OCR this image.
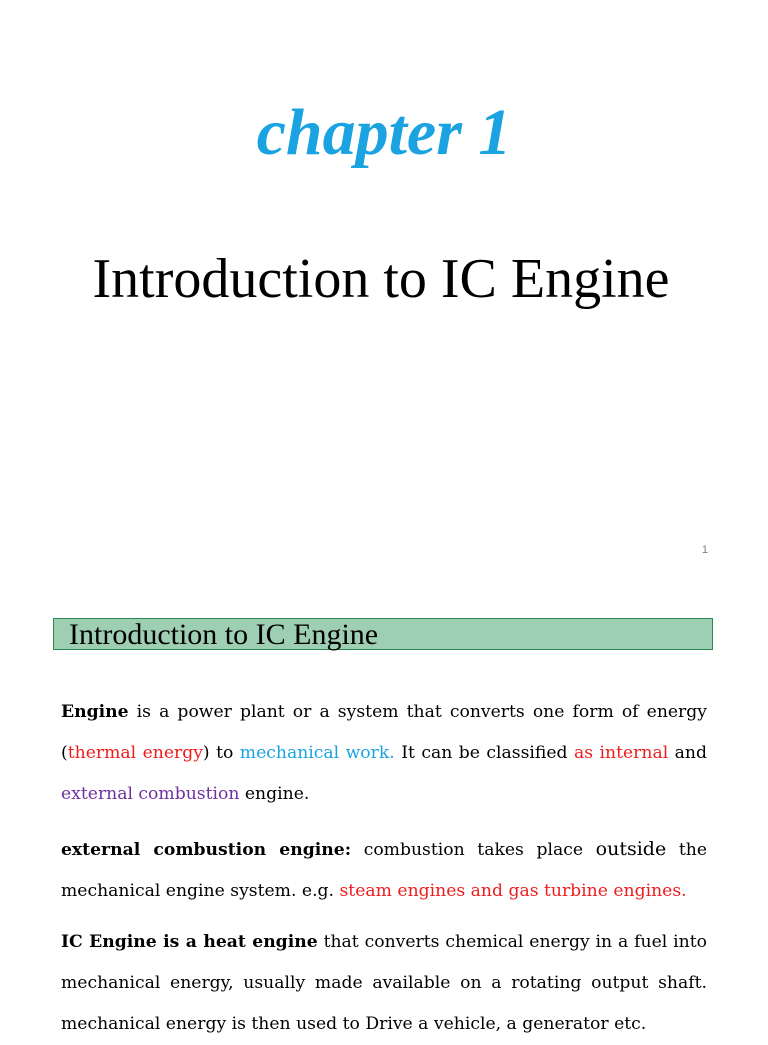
chapter 1
Introduction to IC Engine
1
Introduction to IC Engine
Engine is a power plant or a system that converts one form of energy (thermal energy) to mechanical work. It can be classified as internal and external combustion engine.
external combustion engine: combustion takes place outside the mechanical engine system. e.g. steam engines and gas turbine engines.
IC Engine is a heat engine that converts chemical energy in a fuel into mechanical energy, usually made available on a rotating output shaft. mechanical energy is then used to Drive a vehicle, a generator etc.
